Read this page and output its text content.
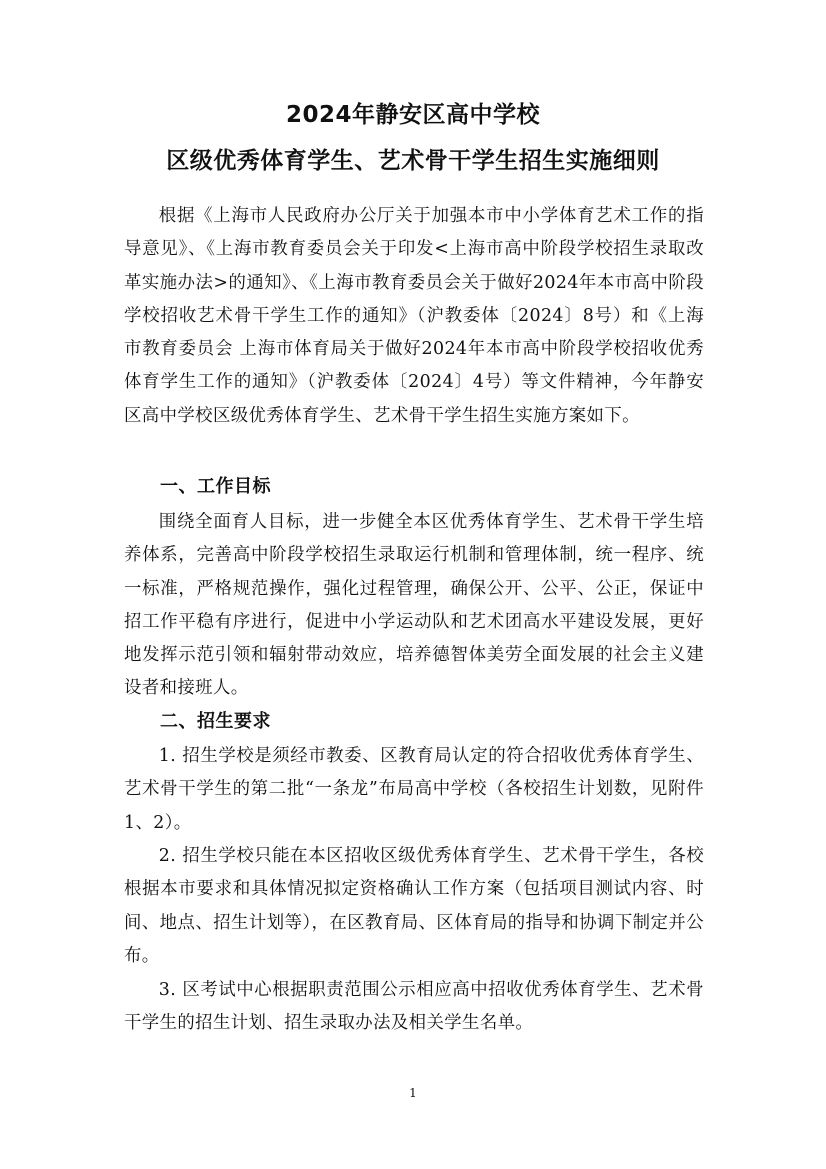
2024年静安区高中学校
区级优秀体育学生、艺术骨干学生招生实施细则

根据《上海市人民政府办公厅关于加强本市中小学体育艺术工作的指导意见》、《上海市教育委员会关于印发<上海市高中阶段学校招生录取改革实施办法>的通知》、《上海市教育委员会关于做好2024年本市高中阶段学校招收艺术骨干学生工作的通知》（沪教委体〔2024〕8号）和《上海市教育委员会 上海市体育局关于做好2024年本市高中阶段学校招收优秀体育学生工作的通知》（沪教委体〔2024〕4号）等文件精神，今年静安区高中学校区级优秀体育学生、艺术骨干学生招生实施方案如下。

一、工作目标

围绕全面育人目标，进一步健全本区优秀体育学生、艺术骨干学生培养体系，完善高中阶段学校招生录取运行机制和管理体制，统一程序、统一标准，严格规范操作，强化过程管理，确保公开、公平、公正，保证中招工作平稳有序进行，促进中小学运动队和艺术团高水平建设发展，更好地发挥示范引领和辐射带动效应，培养德智体美劳全面发展的社会主义建设者和接班人。

二、招生要求

1. 招生学校是须经市教委、区教育局认定的符合招收优秀体育学生、艺术骨干学生的第二批“一条龙”布局高中学校（各校招生计划数，见附件1、2）。

2. 招生学校只能在本区招收区级优秀体育学生、艺术骨干学生，各校根据本市要求和具体情况拟定资格确认工作方案（包括项目测试内容、时间、地点、招生计划等），在区教育局、区体育局的指导和协调下制定并公布。

3. 区考试中心根据职责范围公示相应高中招收优秀体育学生、艺术骨干学生的招生计划、招生录取办法及相关学生名单。

1
